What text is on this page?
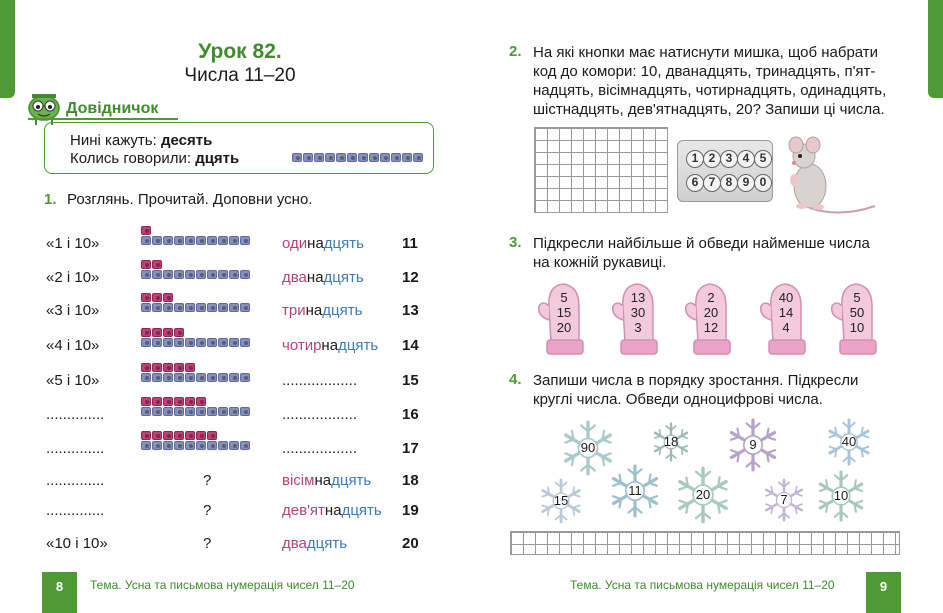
Урок 82.
Числа 11–20
Довідничок
Нині кажуть: десять
Колись говорили: дцять
1. Розглянь. Прочитай. Доповни усно.
«1 і 10»	одинадцять	11
«2 і 10»	дванадцять	12
«3 і 10»	тринадцять	13
«4 і 10»	чотирнадцять 14
«5 і 10»	..................	15
..............	..................	16
..............	..................	17
..............	?	вісімнадцять 18
..............	?	дев'ятнадцять 19
«10 і 10»	?	двадцять	20
2. На які кнопки має натиснути мишка, щоб набрати
код до комори: 10, дванадцять, тринадцять, п'ят-
надцять, вісімнадцять, чотирнадцять, одинадцять,
шістнадцять, дев'ятнадцять, 20? Запиши ці числа.
1 2 3 4 5
6 7 8 9 0
3. Підкресли найбільше й обведи найменше числа
на кожній рукавиці.
5
15
20
13
30
3
2
20
12
40
14
4
5
50
10
4. Запиши числа в порядку зростання. Підкресли
круглі числа. Обведи одноцифрові числа.
90	18	9	40
15
11	20	7	10
8	Тема. Усна та письмова нумерація чисел 11–20	Тема. Усна та письмова нумерація чисел 11–20	9
